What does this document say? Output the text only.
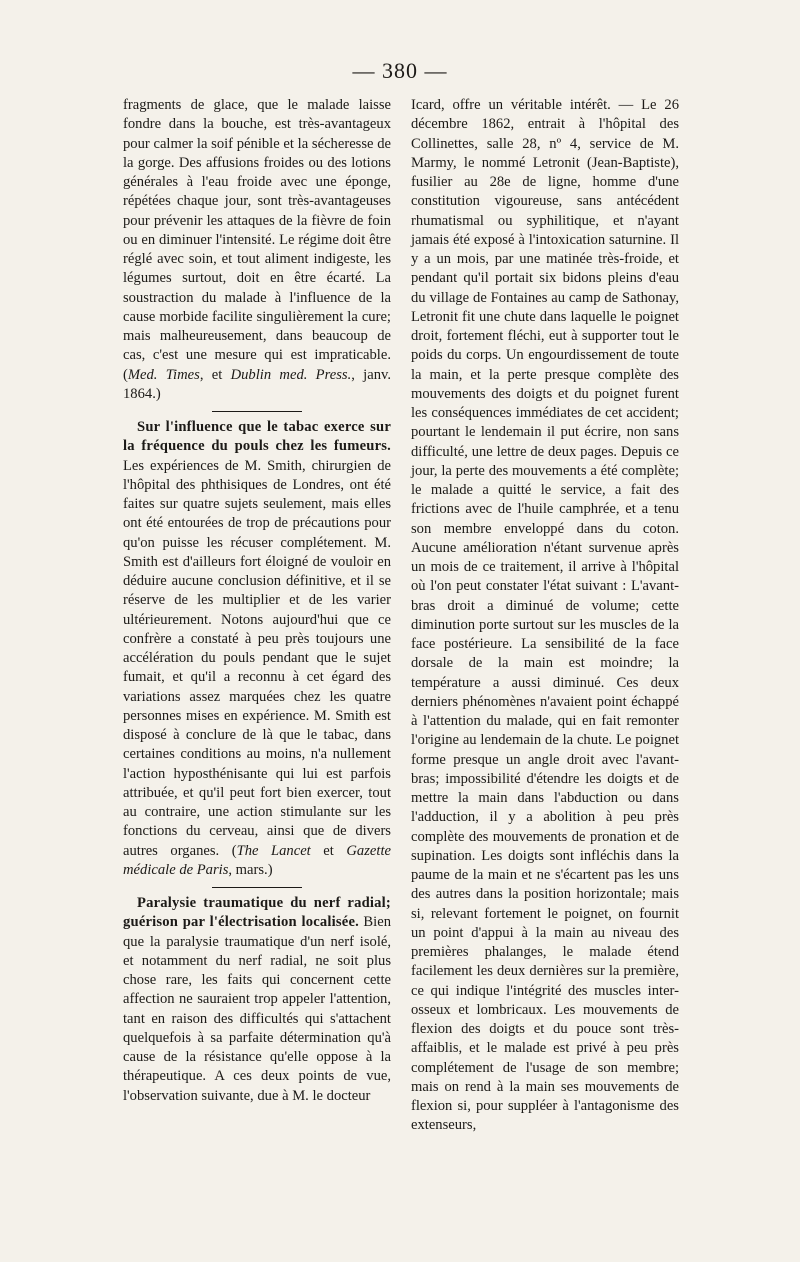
— 380 —

fragments de glace, que le malade laisse fondre dans la bouche, est très-avantageux pour calmer la soif pénible et la sécheresse de la gorge. Des affusions froides ou des lotions générales à l'eau froide avec une éponge, répétées chaque jour, sont très-avantageuses pour prévenir les attaques de la fièvre de foin ou en diminuer l'intensité. Le régime doit être réglé avec soin, et tout aliment indigeste, les légumes surtout, doit en être écarté. La soustraction du malade à l'influence de la cause morbide facilite singulièrement la cure; mais malheureusement, dans beaucoup de cas, c'est une mesure qui est impraticable. (Med. Times, et Dublin med. Press., janv. 1864.)

Sur l'influence que le tabac exerce sur la fréquence du pouls chez les fumeurs. Les expériences de M. Smith, chirurgien de l'hôpital des phthisiques de Londres, ont été faites sur quatre sujets seulement, mais elles ont été entourées de trop de précautions pour qu'on puisse les récuser complétement. M. Smith est d'ailleurs fort éloigné de vouloir en déduire aucune conclusion définitive, et il se réserve de les multiplier et de les varier ultérieurement. Notons aujourd'hui que ce confrère a constaté à peu près toujours une accélération du pouls pendant que le sujet fumait, et qu'il a reconnu à cet égard des variations assez marquées chez les quatre personnes mises en expérience. M. Smith est disposé à conclure de là que le tabac, dans certaines conditions au moins, n'a nullement l'action hyposthénisante qui lui est parfois attribuée, et qu'il peut fort bien exercer, tout au contraire, une action stimulante sur les fonctions du cerveau, ainsi que de divers autres organes. (The Lancet et Gazette médicale de Paris, mars.)

Paralysie traumatique du nerf radial; guérison par l'électrisation localisée. Bien que la paralysie traumatique d'un nerf isolé, et notamment du nerf radial, ne soit plus chose rare, les faits qui concernent cette affection ne sauraient trop appeler l'attention, tant en raison des difficultés qui s'attachent quelquefois à sa parfaite détermination qu'à cause de la résistance qu'elle oppose à la thérapeutique. A ces deux points de vue, l'observation suivante, due à M. le docteur

Icard, offre un véritable intérêt. — Le 26 décembre 1862, entrait à l'hôpital des Collinettes, salle 28, nº 4, service de M. Marmy, le nommé Letronit (Jean-Baptiste), fusilier au 28e de ligne, homme d'une constitution vigoureuse, sans antécédent rhumatismal ou syphilitique, et n'ayant jamais été exposé à l'intoxication saturnine. Il y a un mois, par une matinée très-froide, et pendant qu'il portait six bidons pleins d'eau du village de Fontaines au camp de Sathonay, Letronit fit une chute dans laquelle le poignet droit, fortement fléchi, eut à supporter tout le poids du corps. Un engourdissement de toute la main, et la perte presque complète des mouvements des doigts et du poignet furent les conséquences immédiates de cet accident; pourtant le lendemain il put écrire, non sans difficulté, une lettre de deux pages. Depuis ce jour, la perte des mouvements a été complète; le malade a quitté le service, a fait des frictions avec de l'huile camphrée, et a tenu son membre enveloppé dans du coton. Aucune amélioration n'étant survenue après un mois de ce traitement, il arrive à l'hôpital où l'on peut constater l'état suivant : L'avant-bras droit a diminué de volume; cette diminution porte surtout sur les muscles de la face postérieure. La sensibilité de la face dorsale de la main est moindre; la température a aussi diminué. Ces deux derniers phénomènes n'avaient point échappé à l'attention du malade, qui en fait remonter l'origine au lendemain de la chute. Le poignet forme presque un angle droit avec l'avant-bras; impossibilité d'étendre les doigts et de mettre la main dans l'abduction ou dans l'adduction, il y a abolition à peu près complète des mouvements de pronation et de supination. Les doigts sont infléchis dans la paume de la main et ne s'écartent pas les uns des autres dans la position horizontale; mais si, relevant fortement le poignet, on fournit un point d'appui à la main au niveau des premières phalanges, le malade étend facilement les deux dernières sur la première, ce qui indique l'intégrité des muscles inter-osseux et lombricaux. Les mouvements de flexion des doigts et du pouce sont très-affaiblis, et le malade est privé à peu près complétement de l'usage de son membre; mais on rend à la main ses mouvements de flexion si, pour suppléer à l'antagonisme des extenseurs,
